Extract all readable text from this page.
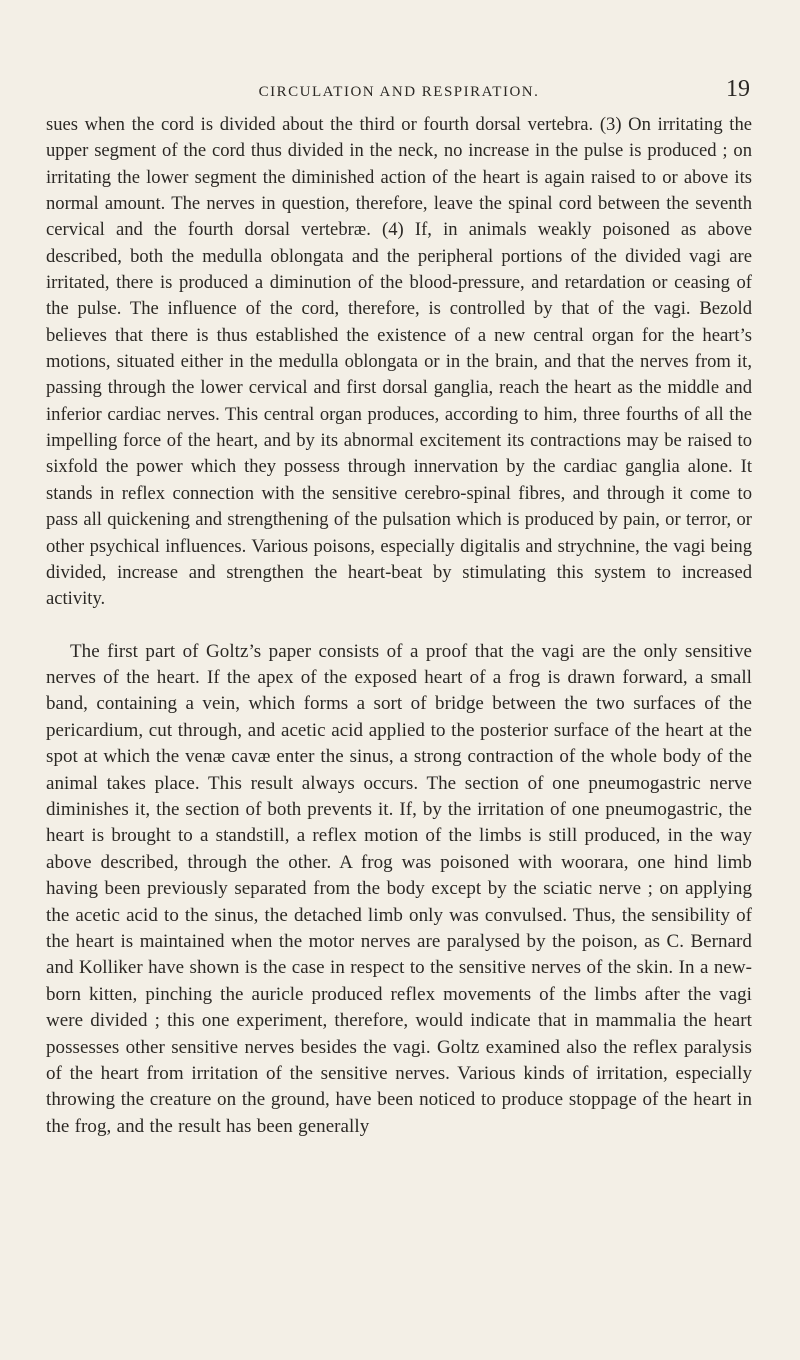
CIRCULATION AND RESPIRATION.	19

sues when the cord is divided about the third or fourth dorsal vertebra. (3) On irritating the upper segment of the cord thus divided in the neck, no increase in the pulse is produced ; on irritating the lower segment the diminished action of the heart is again raised to or above its normal amount. The nerves in question, therefore, leave the spinal cord between the seventh cervical and the fourth dorsal vertebræ. (4) If, in animals weakly poisoned as above described, both the medulla oblongata and the peripheral portions of the divided vagi are irritated, there is produced a diminution of the blood-pressure, and retardation or ceasing of the pulse. The influence of the cord, therefore, is controlled by that of the vagi. Bezold believes that there is thus established the existence of a new central organ for the heart’s motions, situated either in the medulla oblongata or in the brain, and that the nerves from it, passing through the lower cervical and first dorsal ganglia, reach the heart as the middle and inferior cardiac nerves. This central organ produces, according to him, three fourths of all the impelling force of the heart, and by its abnormal excitement its contractions may be raised to sixfold the power which they possess through innervation by the cardiac ganglia alone. It stands in reflex connection with the sensitive cerebro-spinal fibres, and through it come to pass all quickening and strengthening of the pulsation which is produced by pain, or terror, or other psychical influences. Various poisons, especially digitalis and strychnine, the vagi being divided, increase and strengthen the heart-beat by stimulating this system to increased activity.

The first part of Goltz’s paper consists of a proof that the vagi are the only sensitive nerves of the heart. If the apex of the exposed heart of a frog is drawn forward, a small band, containing a vein, which forms a sort of bridge between the two surfaces of the pericardium, cut through, and acetic acid applied to the posterior surface of the heart at the spot at which the venæ cavæ enter the sinus, a strong contraction of the whole body of the animal takes place. This result always occurs. The section of one pneumogastric nerve diminishes it, the section of both prevents it. If, by the irritation of one pneumogastric, the heart is brought to a standstill, a reflex motion of the limbs is still produced, in the way above described, through the other. A frog was poisoned with woorara, one hind limb having been previously separated from the body except by the sciatic nerve ; on applying the acetic acid to the sinus, the detached limb only was convulsed. Thus, the sensibility of the heart is maintained when the motor nerves are paralysed by the poison, as C. Bernard and Kolliker have shown is the case in respect to the sensitive nerves of the skin. In a new-born kitten, pinching the auricle produced reflex movements of the limbs after the vagi were divided ; this one experiment, therefore, would indicate that in mammalia the heart possesses other sensitive nerves besides the vagi. Goltz examined also the reflex paralysis of the heart from irritation of the sensitive nerves. Various kinds of irritation, especially throwing the creature on the ground, have been noticed to produce stoppage of the heart in the frog, and the result has been generally
